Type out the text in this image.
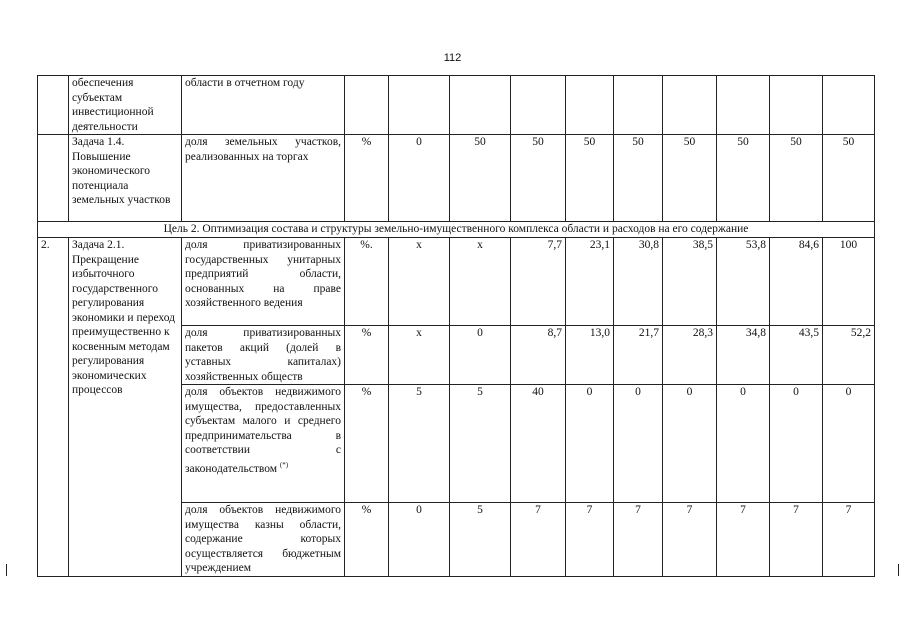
112
	обеспечения субъектам инвестиционной деятельности	области в отчетном году										
	Задача 1.4. Повышение экономического потенциала земельных участков	доля земельных участков, реализованных на торгах	%	0	50	50	50	50	50	50	50	50
Цель 2. Оптимизация состава и структуры земельно-имущественного комплекса области и расходов на его содержание												
2.	Задача 2.1. Прекращение избыточного государственного регулирования экономики и переход преимущественно к косвенным методам регулирования экономических процессов	доля приватизированных государственных унитарных предприятий области, основанных на праве хозяйственного ведения	%.	х	х	7,7	23,1	30,8	38,5	53,8	84,6	100

		доля приватизированных пакетов акций (долей в уставных капиталах) хозяйственных обществ	%	х	0	8,7	13,0	21,7	28,3	34,8	43,5	52,2

		доля объектов недвижимого имущества, предоставленных субъектам малого и среднего предпринимательства в соответствии с законодательством (*)	%	5	5	40	0	0	0	0	0	0

		доля объектов недвижимого имущества казны области, содержание которых осуществляется бюджетным учреждением	%	0	5	7	7	7	7	7	7	7
